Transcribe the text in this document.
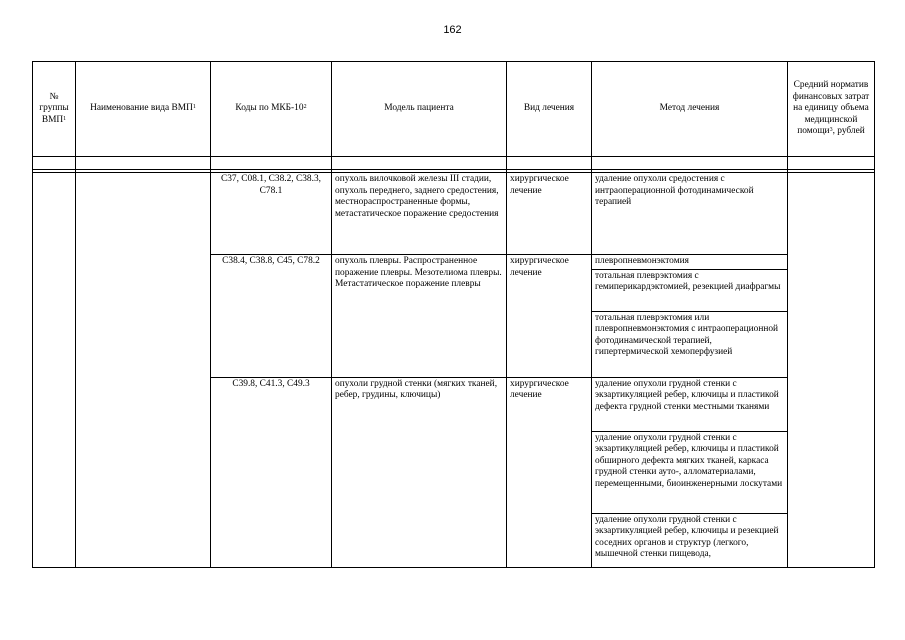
162
№ группы ВМП$^1$	Наименование вида ВМП$^1$	Коды по МКБ-$10^2$	Модель пациента	Вид лечения	Метод лечения	Средний норматив финансовых затрат на единицу объема медицинской помощи$^3$, рублей

		C37, C08.1, C38.2, C38.3, C78.1	опухоль вилочковой железы III стадии, опухоль переднего, заднего средостения, местнораспространенные формы, метастатическое поражение средостения	хирургическое лечение	удаление опухоли средостения с интраоперационной фотодинамической терапией	
		C38.4, C38.8, C45, C78.2	опухоль плевры. Распространенное поражение плевры. Мезотелиома плевры. Метастатическое поражение плевры	хирургическое лечение	плевропневмонэктомия	
					тотальная плеврэктомия с гемиперикардэктомией, резекцией диафрагмы	
					тотальная плеврэктомия или плевропневмонэктомия с интраоперационной фотодинамической терапией, гипертермической хемоперфузией	
		C39.8, C41.3, C49.3	опухоли грудной стенки (мягких тканей, ребер, грудины, ключицы)	хирургическое лечение	удаление опухоли грудной стенки с экзартикуляцией ребер, ключицы и пластикой дефекта грудной стенки местными тканями	
					удаление опухоли грудной стенки с экзартикуляцией ребер, ключицы и пластикой обширного дефекта мягких тканей, каркаса грудной стенки ауто-, алломатериалами, перемещенными, биоинженерными лоскутами	
					удаление опухоли грудной стенки с экзартикуляцией ребер, ключицы и резекцией соседних органов и структур (легкого, мышечной стенки пищевода,	
